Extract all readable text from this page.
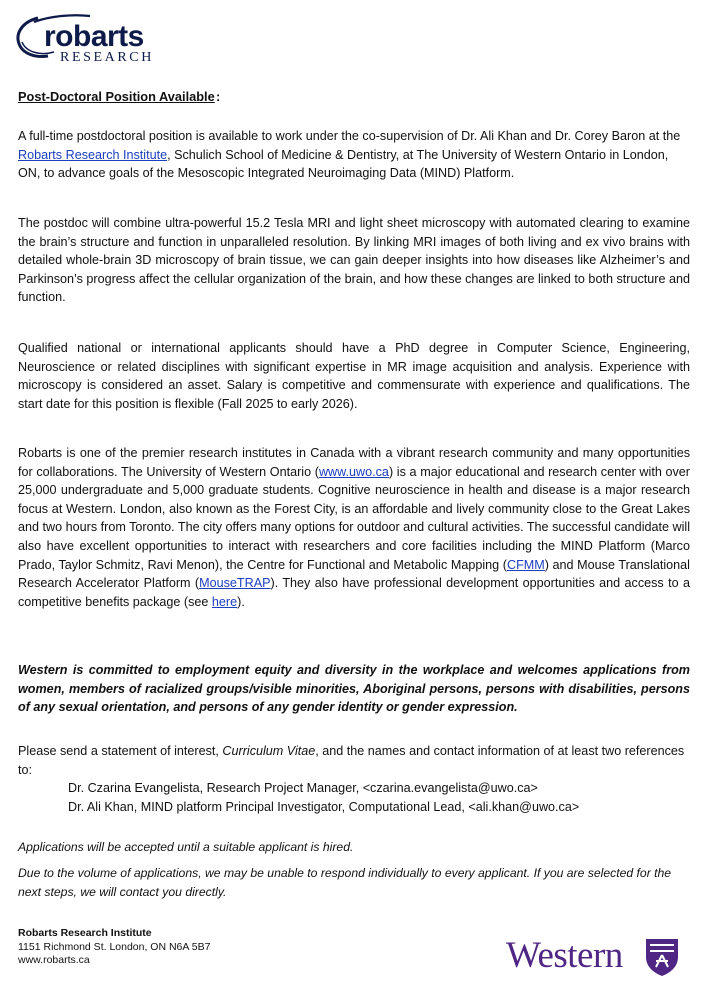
robarts
RESEARCH
Post-Doctoral Position Available :
A full-time postdoctoral position is available to work under the co-supervision of Dr. Ali Khan and Dr. Corey Baron at the Robarts Research Institute, Schulich School of Medicine & Dentistry, at The University of Western Ontario in London, ON, to advance goals of the Mesoscopic Integrated Neuroimaging Data (MIND) Platform.
The postdoc will combine ultra-powerful 15.2 Tesla MRI and light sheet microscopy with automated clearing to examine the brain’s structure and function in unparalleled resolution. By linking MRI images of both living and ex vivo brains with detailed whole-brain 3D microscopy of brain tissue, we can gain deeper insights into how diseases like Alzheimer’s and Parkinson’s progress affect the cellular organization of the brain, and how these changes are linked to both structure and function.
Qualified national or international applicants should have a PhD degree in Computer Science, Engineering, Neuroscience or related disciplines with significant expertise in MR image acquisition and analysis. Experience with microscopy is considered an asset. Salary is competitive and commensurate with experience and qualifications. The start date for this position is flexible (Fall 2025 to early 2026).
Robarts is one of the premier research institutes in Canada with a vibrant research community and many opportunities for collaborations. The University of Western Ontario (www.uwo.ca) is a major educational and research center with over 25,000 undergraduate and 5,000 graduate students. Cognitive neuroscience in health and disease is a major research focus at Western. London, also known as the Forest City, is an affordable and lively community close to the Great Lakes and two hours from Toronto. The city offers many options for outdoor and cultural activities. The successful candidate will also have excellent opportunities to interact with researchers and core facilities including the MIND Platform (Marco Prado, Taylor Schmitz, Ravi Menon), the Centre for Functional and Metabolic Mapping (CFMM) and Mouse Translational Research Accelerator Platform (MouseTRAP). They also have professional development opportunities and access to a competitive benefits package (see here).
Western is committed to employment equity and diversity in the workplace and welcomes applications from women, members of racialized groups/visible minorities, Aboriginal persons, persons with disabilities, persons of any sexual orientation, and persons of any gender identity or gender expression.
Please send a statement of interest, Curriculum Vitae, and the names and contact information of at least two references to:
Dr. Czarina Evangelista, Research Project Manager, <czarina.evangelista@uwo.ca>
Dr. Ali Khan, MIND platform Principal Investigator, Computational Lead, <ali.khan@uwo.ca>
Applications will be accepted until a suitable applicant is hired.
Due to the volume of applications, we may be unable to respond individually to every applicant. If you are selected for the next steps, we will contact you directly.
Robarts Research Institute
1151 Richmond St. London, ON N6A 5B7
www.robarts.ca	Western
